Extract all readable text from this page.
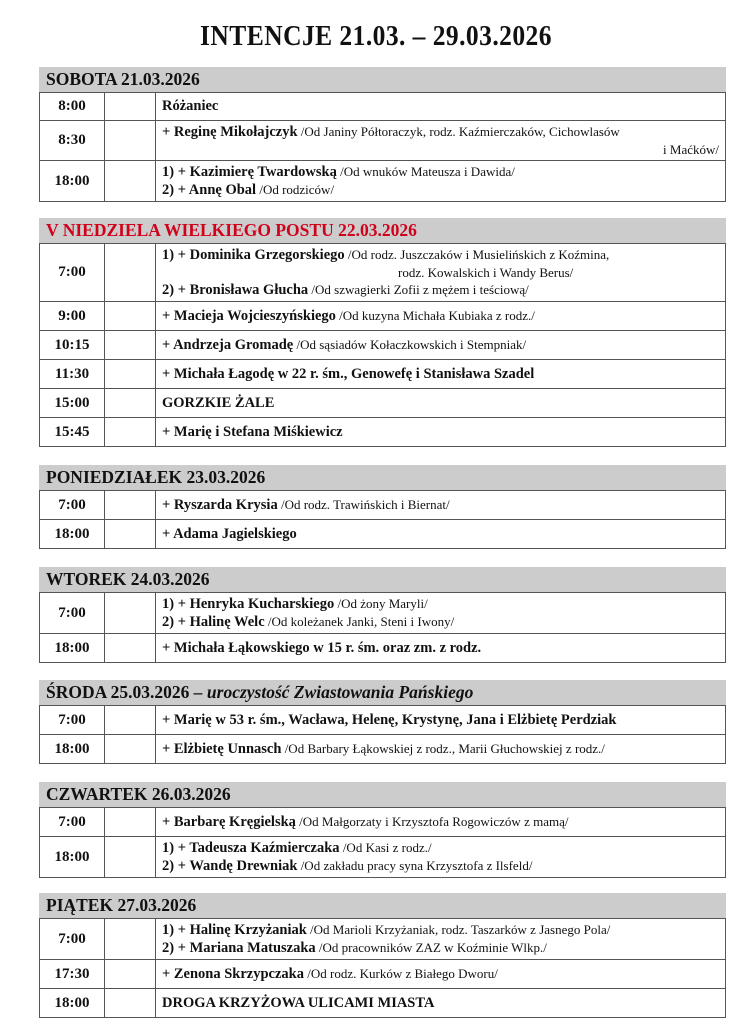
INTENCJE 21.03. – 29.03.2026
SOBOTA 21.03.2026
8:00		Różaniec
8:30		+ Reginę Mikołajczyk /Od Janiny Półtoraczyk, rodz. Kaźmierczaków, Cichowlasów
i Maćków/

18:00		1) + Kazimierę Twardowską /Od wnuków Mateusza i Dawida/
2) + Annę Obal /Od rodziców/
V NIEDZIELA WIELKIEGO POSTU 22.03.2026
7:00		1) + Dominika Grzegorskiego /Od rodz. Juszczaków i Musielińskich z Koźmina,
rodz. Kowalskich i Wandy Berus/
2) + Bronisława Głucha /Od szwagierki Zofii z mężem i teściową/

9:00		+ Macieja Wojcieszyńskiego /Od kuzyna Michała Kubiaka z rodz./
10:15		+ Andrzeja Gromadę /Od sąsiadów Kołaczkowskich i Stempniak/
11:30		+ Michała Łagodę w 22 r. śm., Genowefę i Stanisława Szadel
15:00		GORZKIE ŻALE
15:45		+ Marię i Stefana Miśkiewicz
PONIEDZIAŁEK 23.03.2026
7:00		+ Ryszarda Krysia /Od rodz. Trawińskich i Biernat/
18:00		+ Adama Jagielskiego
WTOREK 24.03.2026
7:00		1) + Henryka Kucharskiego /Od żony Maryli/
2) + Halinę Welc /Od koleżanek Janki, Steni i Iwony/

18:00		+ Michała Łąkowskiego w 15 r. śm. oraz zm. z rodz.
ŚRODA 25.03.2026 – uroczystość Zwiastowania Pańskiego
7:00		+ Marię w 53 r. śm., Wacława, Helenę, Krystynę, Jana i Elżbietę Perdziak
18:00		+ Elżbietę Unnasch /Od Barbary Łąkowskiej z rodz., Marii Głuchowskiej z rodz./
CZWARTEK 26.03.2026
7:00		+ Barbarę Kręgielską /Od Małgorzaty i Krzysztofa Rogowiczów z mamą/
18:00		1) + Tadeusza Kaźmierczaka /Od Kasi z rodz./
2) + Wandę Drewniak /Od zakładu pracy syna Krzysztofa z Ilsfeld/
PIĄTEK 27.03.2026
7:00		1) + Halinę Krzyżaniak /Od Marioli Krzyżaniak, rodz. Taszarków z Jasnego Pola/
2) + Mariana Matuszaka /Od pracowników ZAZ w Koźminie Wlkp./

17:30		+ Zenona Skrzypczaka /Od rodz. Kurków z Białego Dworu/
18:00		DROGA KRZYŻOWA ULICAMI MIASTA
